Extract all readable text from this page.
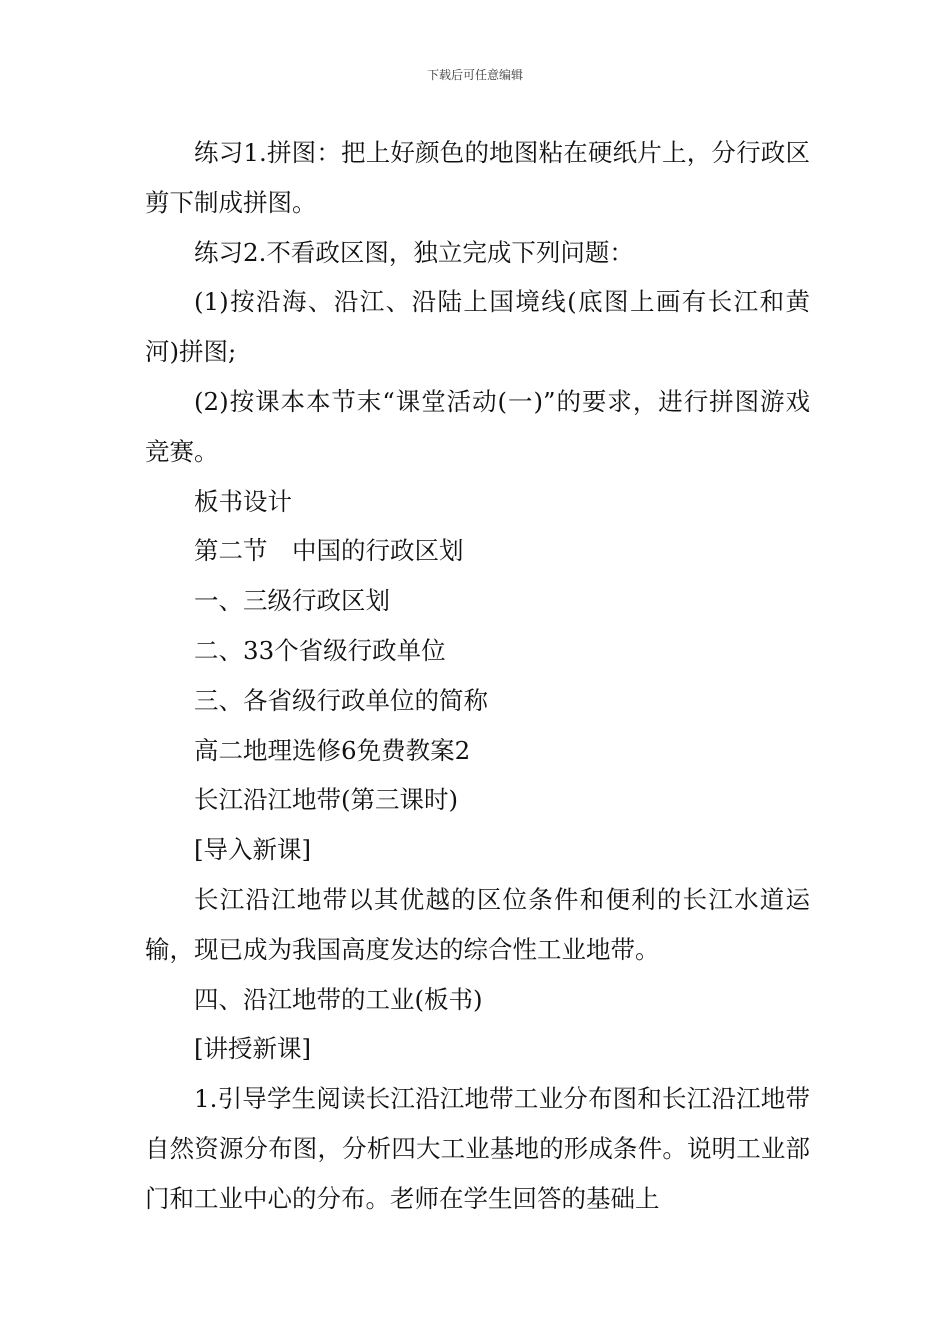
下载后可任意编辑

练习1.拼图：把上好颜色的地图粘在硬纸片上，分行政区剪下制成拼图。

练习2.不看政区图，独立完成下列问题：

(1)按沿海、沿江、沿陆上国境线(底图上画有长江和黄河)拼图;

(2)按课本本节末“课堂活动(一)”的要求，进行拼图游戏竞赛。

板书设计

第二节　中国的行政区划

一、三级行政区划

二、33个省级行政单位

三、各省级行政单位的简称

高二地理选修6免费教案2

长江沿江地带(第三课时)

[导入新课]

长江沿江地带以其优越的区位条件和便利的长江水道运输，现已成为我国高度发达的综合性工业地带。

四、沿江地带的工业(板书)

[讲授新课]

1.引导学生阅读长江沿江地带工业分布图和长江沿江地带自然资源分布图，分析四大工业基地的形成条件。说明工业部门和工业中心的分布。老师在学生回答的基础上
